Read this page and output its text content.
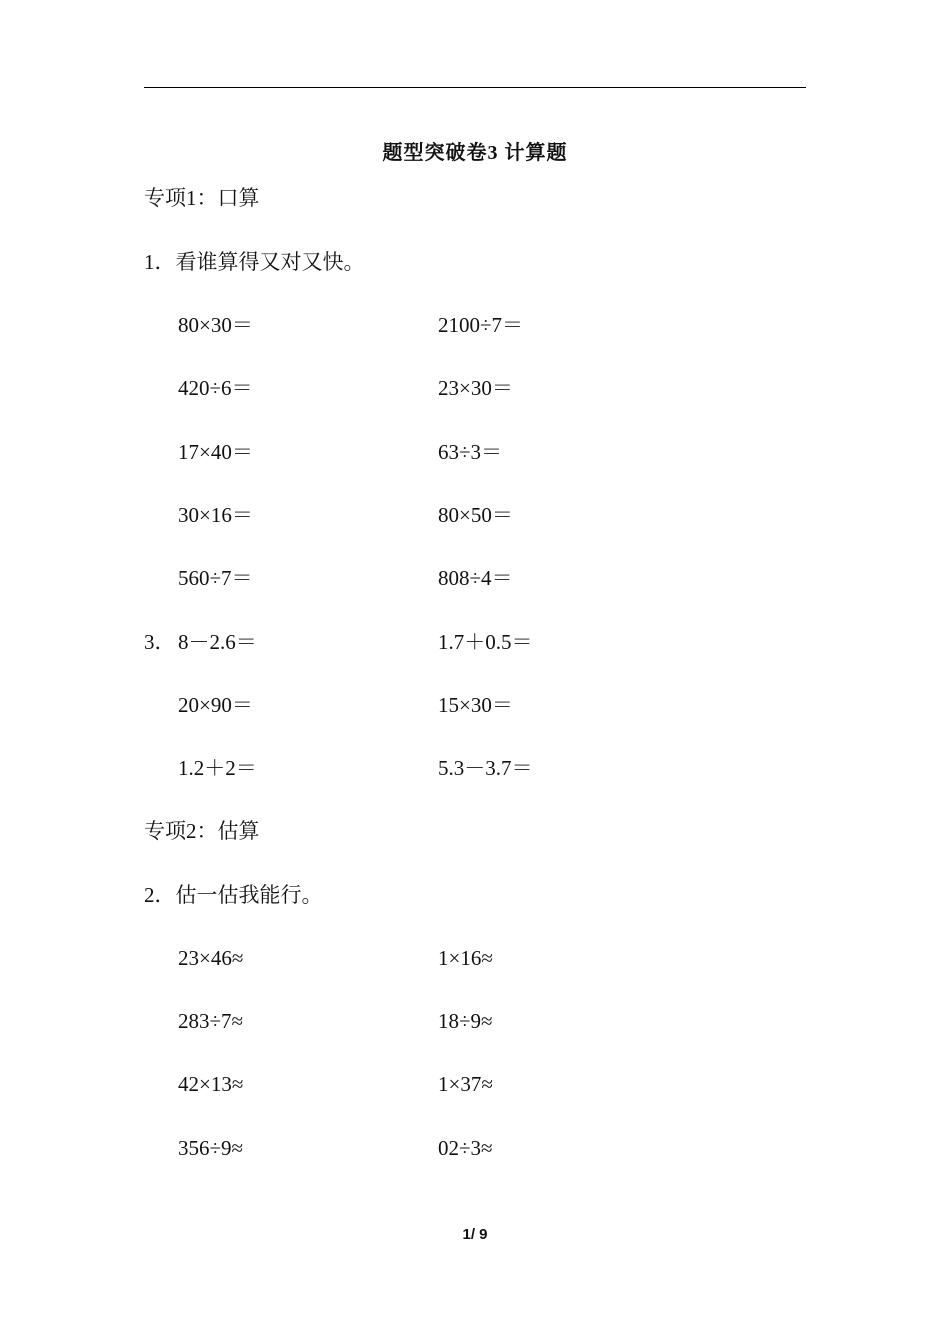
题型突破卷3 计算题
专项1：口算
1．看谁算得又对又快。
80×30＝	2100÷7＝
420÷6＝	23×30＝
17×40＝	63÷3＝
30×16＝	80×50＝
560÷7＝	808÷4＝
3． 8－2.6＝	1.7＋0.5＝
20×90＝	15×30＝
1.2＋2＝	5.3－3.7＝
专项2：估算
2．估一估我能行。
23×46≈	1×16≈
283÷7≈	18÷9≈
42×13≈	1×37≈
356÷9≈	02÷3≈
1/ 9
